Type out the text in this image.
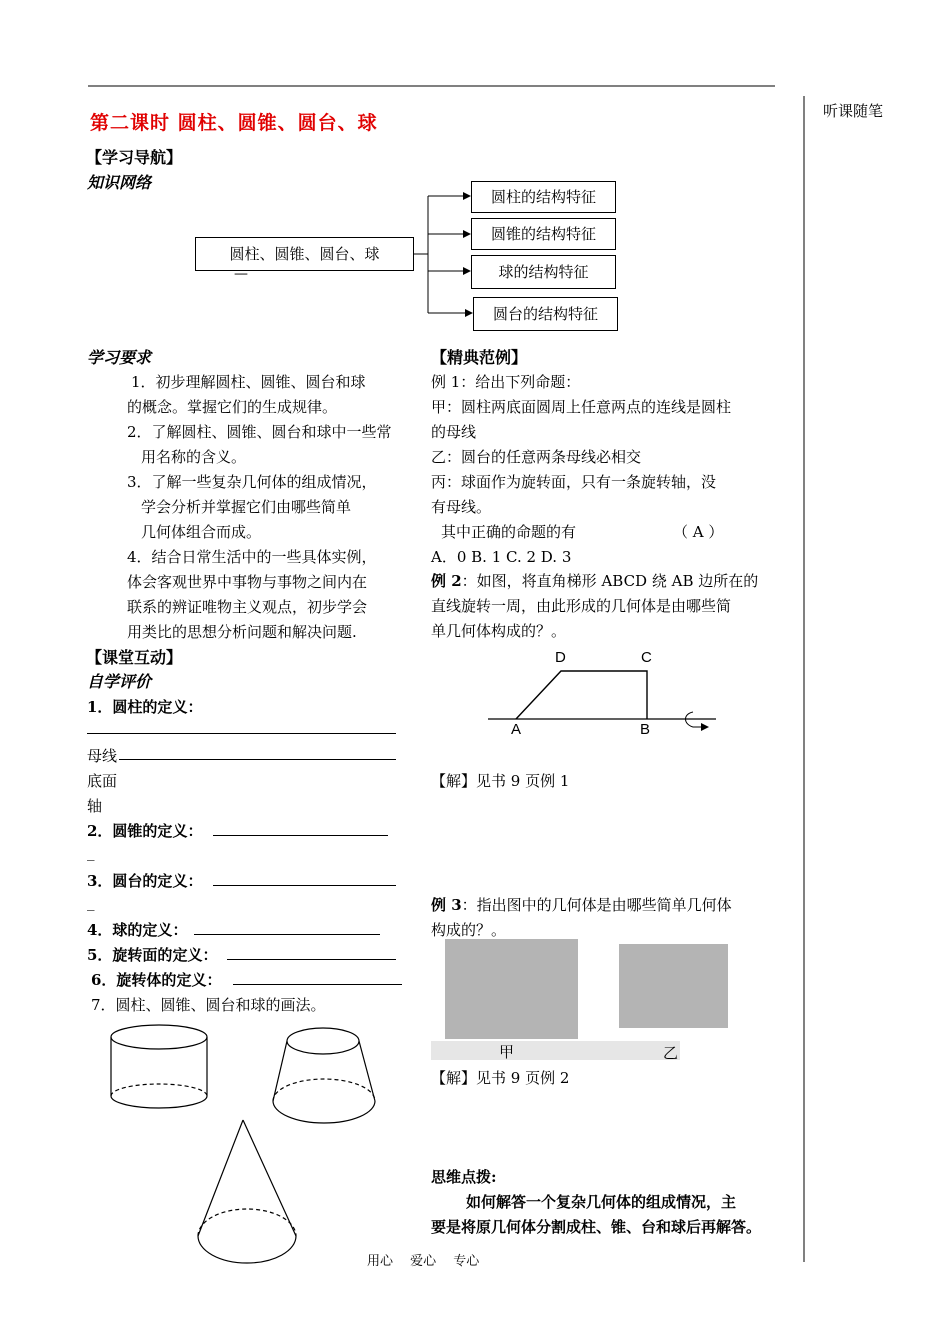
听课随笔
第二课时 圆柱、圆锥、圆台、球
【学习导航】
知识网络
圆柱、圆锥、圆台、球
—
圆柱的结构特征
圆锥的结构特征
球的结构特征
圆台的结构特征
学习要求
1．初步理解圆柱、圆锥、圆台和球
的概念。掌握它们的生成规律。
2．了解圆柱、圆锥、圆台和球中一些常
用名称的含义。
3．了解一些复杂几何体的组成情况，
学会分析并掌握它们由哪些简单
几何体组合而成。
4．结合日常生活中的一些具体实例，
体会客观世界中事物与事物之间内在
联系的辨证唯物主义观点，初步学会
用类比的思想分析问题和解决问题.
【课堂互动】
自学评价
1．圆柱的定义：
母线
底面
轴
2．圆锥的定义：
_
3．圆台的定义：
_
4．球的定义：
5．旋转面的定义：
6．旋转体的定义：
7．圆柱、圆锥、圆台和球的画法。
【精典范例】
例 1：给出下列命题：
甲：圆柱两底面圆周上任意两点的连线是圆柱
的母线
乙：圆台的任意两条母线必相交
丙：球面作为旋转面，只有一条旋转轴，没
有母线。
其中正确的命题的有	（ A ）
A．0 B. 1 C. 2 D. 3
例 2：如图，将直角梯形 ABCD 绕 AB 边所在的
直线旋转一周，由此形成的几何体是由哪些简
单几何体构成的？。
D	C
A	B
【解】见书 9 页例 1
例 3：指出图中的几何体是由哪些简单几何体
构成的？。
甲	乙
【解】见书 9 页例 2
思维点拨:
如何解答一个复杂几何体的组成情况，主
要是将原几何体分割成柱、锥、台和球后再解答。
用心　 爱心　 专心
